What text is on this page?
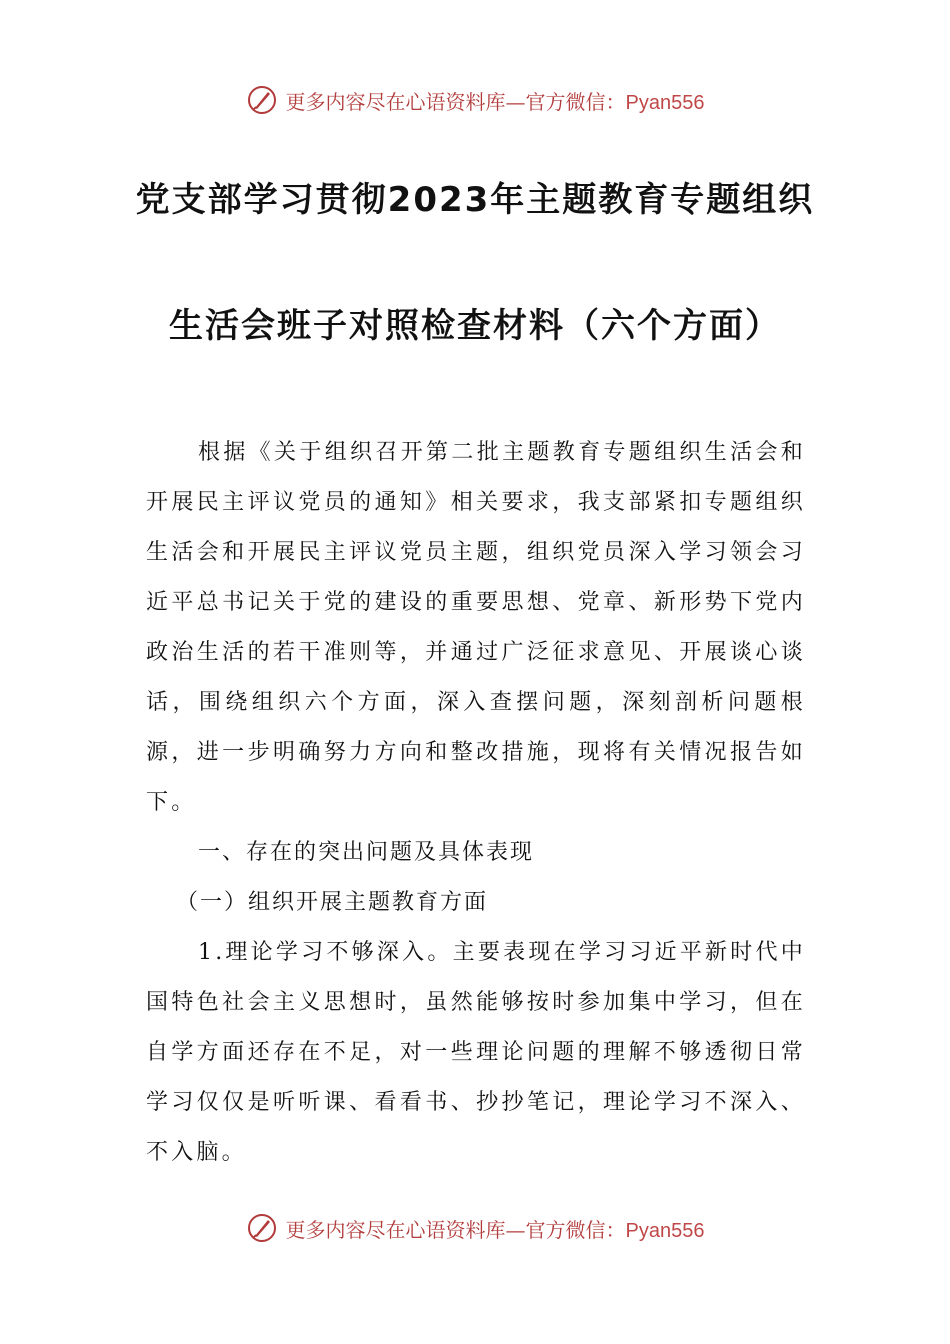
更多内容尽在心语资料库—官方微信：Pyan556
党支部学习贯彻2023年主题教育专题组织
生活会班子对照检查材料（六个方面）

根据《关于组织召开第二批主题教育专题组织生活会和开展民主评议党员的通知》相关要求，我支部紧扣专题组织生活会和开展民主评议党员主题，组织党员深入学习领会习近平总书记关于党的建设的重要思想、党章、新形势下党内政治生活的若干准则等，并通过广泛征求意见、开展谈心谈话，围绕组织六个方面，深入查摆问题，深刻剖析问题根源，进一步明确努力方向和整改措施，现将有关情况报告如下。

一、存在的突出问题及具体表现

（一）组织开展主题教育方面

1.理论学习不够深入。主要表现在学习习近平新时代中国特色社会主义思想时，虽然能够按时参加集中学习，但在自学方面还存在不足，对一些理论问题的理解不够透彻日常学习仅仅是听听课、看看书、抄抄笔记，理论学习不深入、不入脑。

更多内容尽在心语资料库—官方微信：Pyan556
